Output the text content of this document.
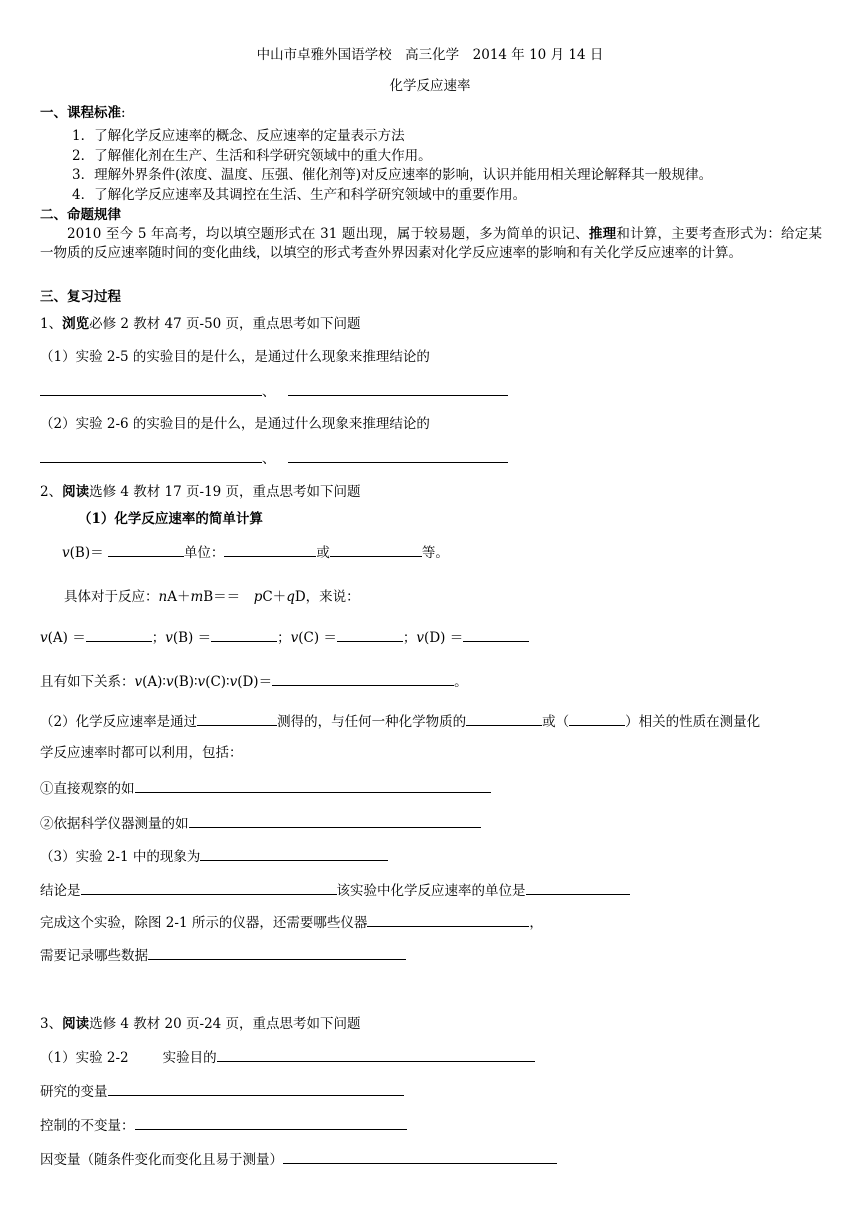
中山市卓雅外国语学校　高三化学　2014 年 10 月 14 日
化学反应速率
一、课程标准:
1．了解化学反应速率的概念、反应速率的定量表示方法
2．了解催化剂在生产、生活和科学研究领域中的重大作用。
3．理解外界条件(浓度、温度、压强、催化剂等)对反应速率的影响，认识并能用相关理论解释其一般规律。
4．了解化学反应速率及其调控在生活、生产和科学研究领域中的重要作用。
二、命题规律
2010 至今 5 年高考，均以填空题形式在 31 题出现，属于较易题，多为简单的识记、推理和计算，主要考查形式为：给定某一物质的反应速率随时间的变化曲线，以填空的形式考查外界因素对化学反应速率的影响和有关化学反应速率的计算。
三、复习过程
1、浏览必修 2 教材 47 页-50 页，重点思考如下问题
（1）实验 2-5 的实验目的是什么，是通过什么现象来推理结论的
、
（2）实验 2-6 的实验目的是什么，是通过什么现象来推理结论的
、
2、阅读选修 4 教材 17 页-19 页，重点思考如下问题
（1）化学反应速率的简单计算
v(B)＝	单位：	或	等。
具体对于反应：nA＋mB＝＝　pC＋qD，来说：
v(A) ＝	；v(B) ＝	；v(C) ＝	；v(D) ＝
且有如下关系：v(A)∶v(B)∶v(C)∶v(D)＝	。
（2）化学反应速率是通过	测得的，与任何一种化学物质的	或（	）相关的性质在测量化
学反应速率时都可以利用，包括：
①直接观察的如
②依据科学仪器测量的如
（3）实验 2-1 中的现象为
结论是	该实验中化学反应速率的单位是
完成这个实验，除图 2-1 所示的仪器，还需要哪些仪器	，
需要记录哪些数据
3、阅读选修 4 教材 20 页-24 页，重点思考如下问题
（1）实验 2-2	实验目的
研究的变量
控制的不变量：
因变量（随条件变化而变化且易于测量）
